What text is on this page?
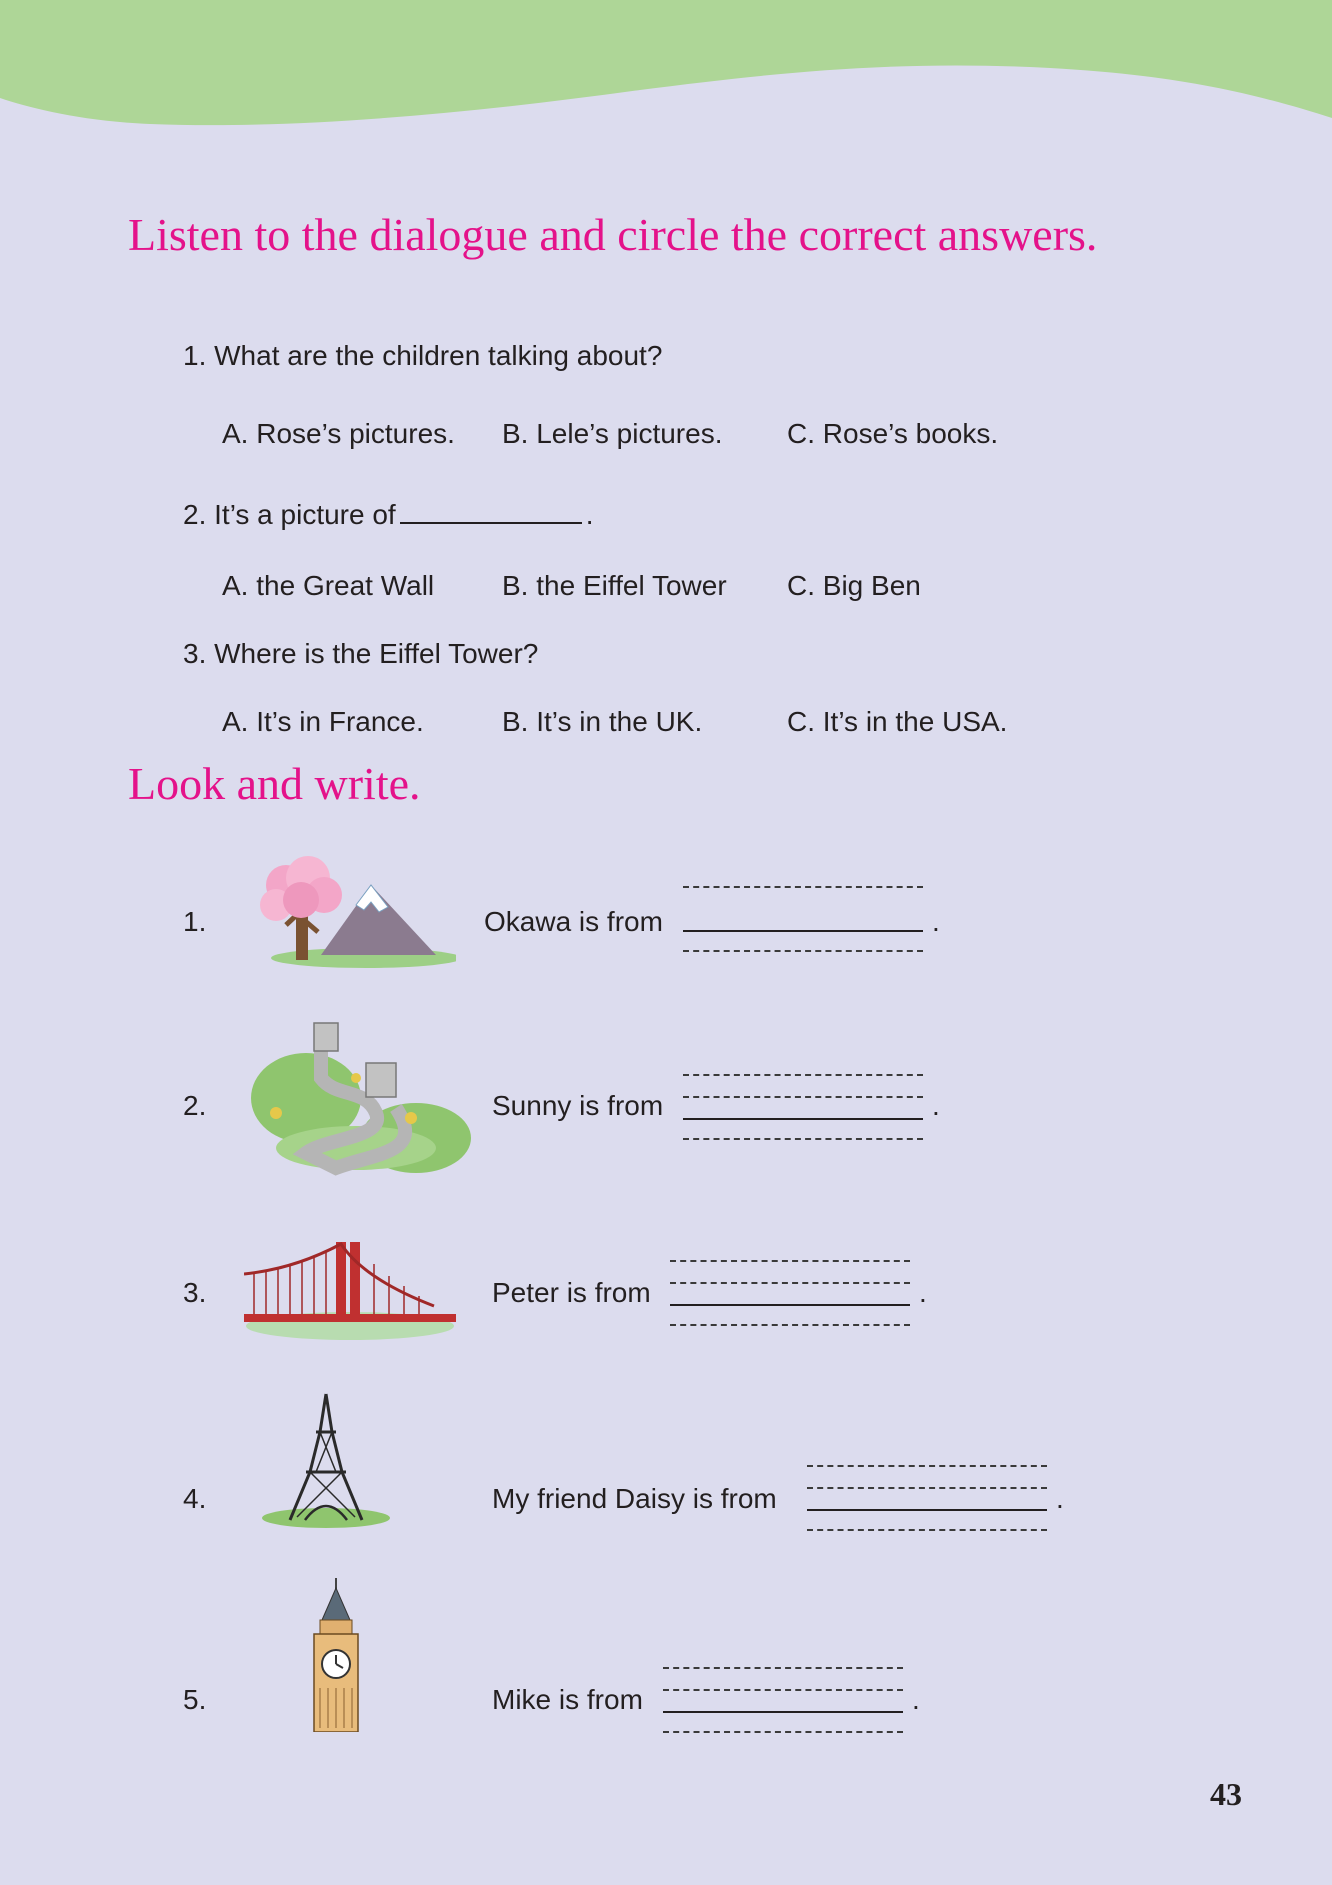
Listen to the dialogue and circle the correct answers.
1. What are the children talking about?
A. Rose’s pictures. B. Lele’s pictures. C. Rose’s books.
2. It’s a picture of	.
A. the Great Wall B. the Eiffel Tower C. Big Ben
3. Where is the Eiffel Tower?
A. It’s in France.	B. It’s in the UK.	C. It’s in the USA.
Look and write.
1.	Okawa is from	.
2.	Sunny is from	.
3.	Peter is from	.
4.	My friend Daisy is from	.
5.	Mike is from	.
43
